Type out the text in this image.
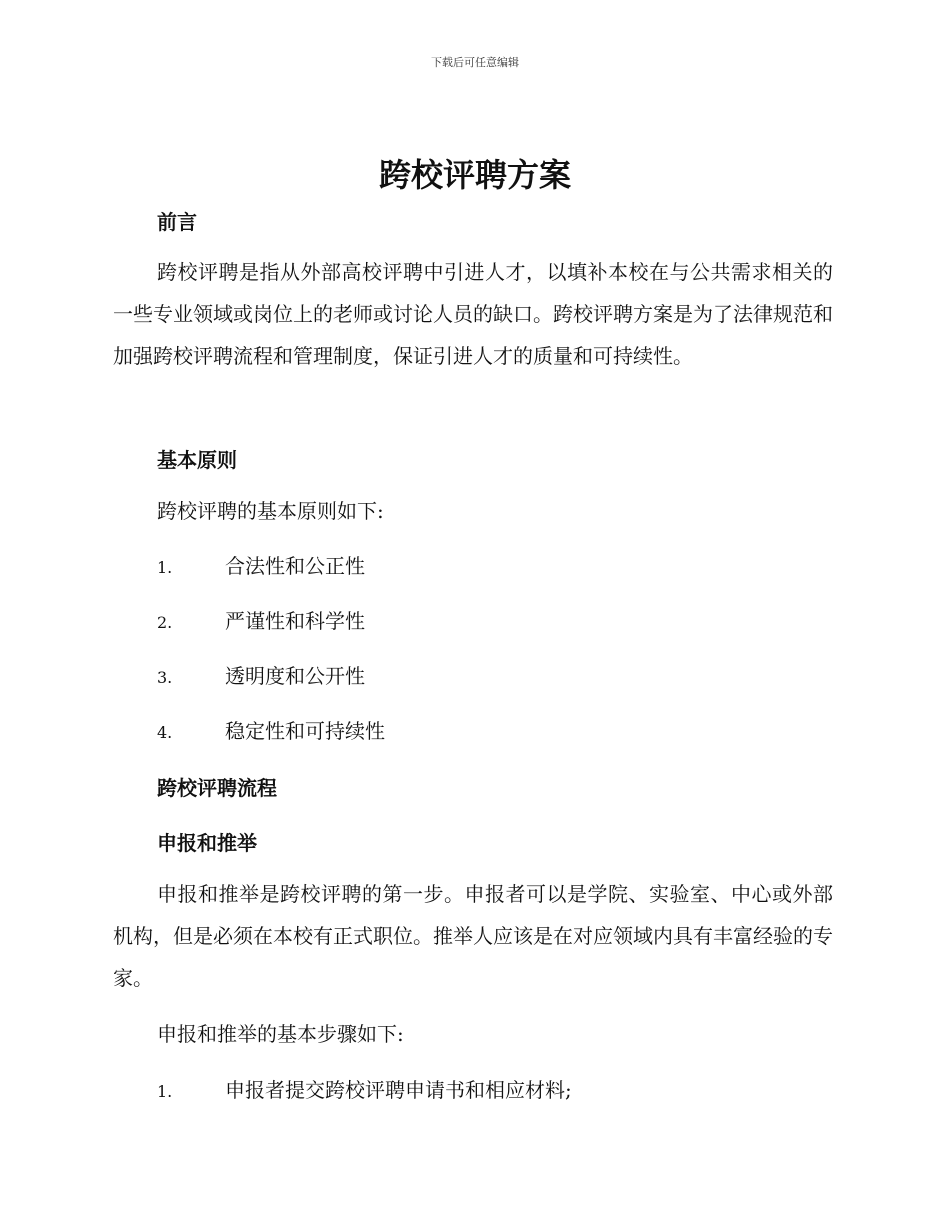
下载后可任意编辑
跨校评聘方案
前言

跨校评聘是指从外部高校评聘中引进人才，以填补本校在与公共需求相关的一些专业领域或岗位上的老师或讨论人员的缺口。跨校评聘方案是为了法律规范和加强跨校评聘流程和管理制度，保证引进人才的质量和可持续性。

基本原则

跨校评聘的基本原则如下:

1.	合法性和公正性
2.	严谨性和科学性
3.	透明度和公开性
4.	稳定性和可持续性
跨校评聘流程
申报和推举

申报和推举是跨校评聘的第一步。申报者可以是学院、实验室、中心或外部机构，但是必须在本校有正式职位。推举人应该是在对应领域内具有丰富经验的专家。

申报和推举的基本步骤如下:

1.	申报者提交跨校评聘申请书和相应材料;
